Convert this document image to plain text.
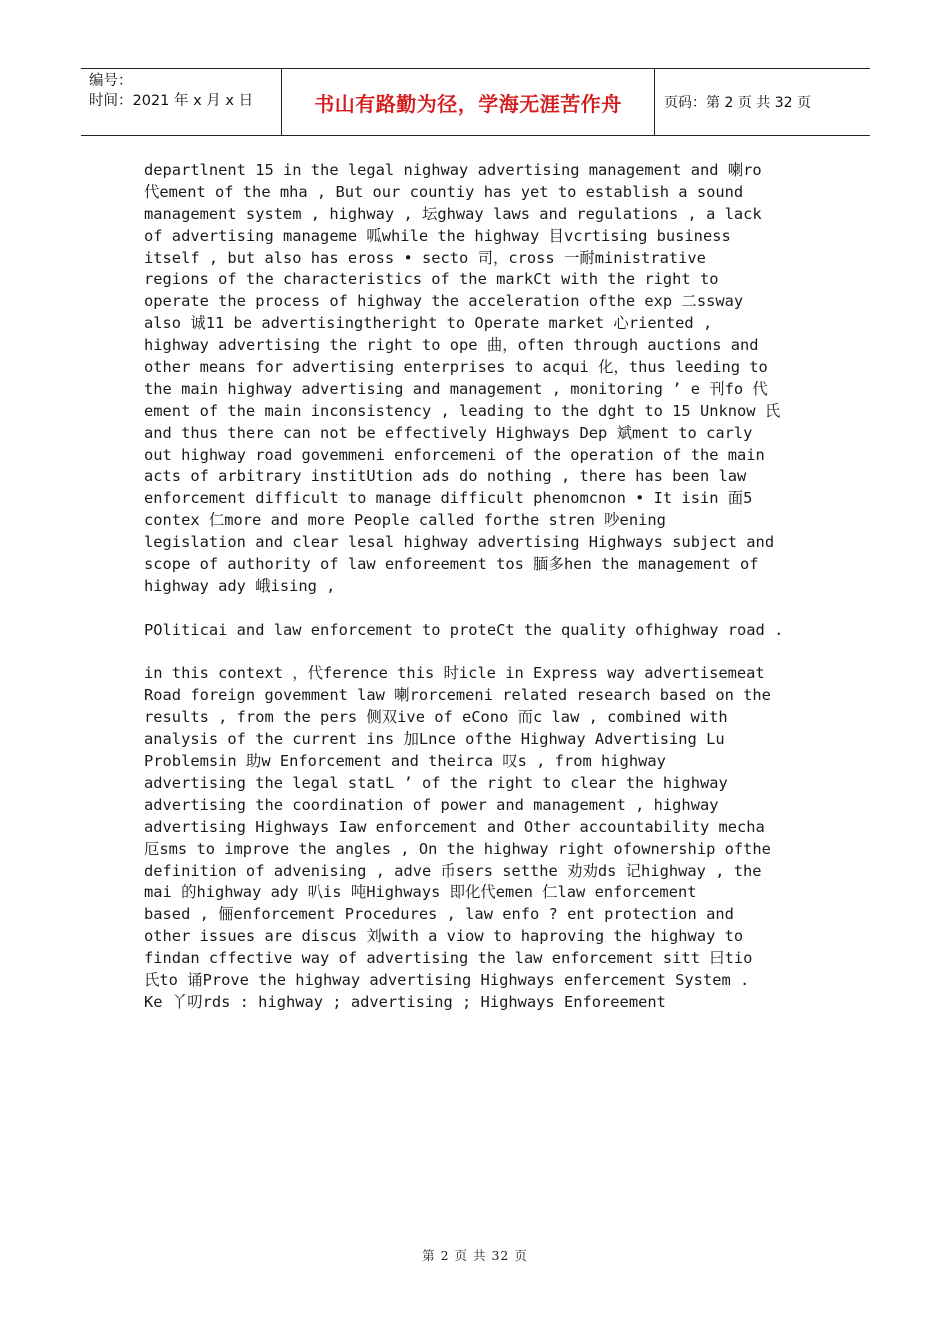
编号：
时间：2021 年 x 月 x 日	书山有路勤为径，学海无涯苦作舟	页码：第 2 页 共 32 页
departlnent 15 in the legal nighway advertising management and 喇ro
代ement of the mha , But our countiy has yet to establish a sound
management system , highway , 坛ghway laws and regulations , a lack
of advertising manageme 呱while the highway 目vcrtising business
itself , but also has eross • secto 司，cross 一耐ministrative
regions of the characteristics of the markCt with the right to
operate the process of highway the acceleration ofthe exp 二ssway
also 诚11 be advertisingtheright to Operate market 心riented ,
highway advertising the right to ope 曲，often through auctions and
other means for advertising enterprises to acqui 化，thus leeding to
the main highway advertising and management , monitoring ’ e 刊fo 代
ement of the main inconsistency , leading to the dght to 15 Unknow 氏
and thus there can not be effectively Highways Dep 斌ment to carly
out highway road govemmeni enforcemeni of the operation of the main
acts of arbitrary institUtion ads do nothing , there has been law
enforcement difficult to manage difficult phenomcnon • It isin 面5
contex 仁more and more People called forthe stren 吵ening
legislation and clear lesal highway advertising Highways subject and
scope of authority of law enforeement tos 腼多hen the management of
highway ady 峨ising ,
POliticai and law enforcement to proteCt the quality ofhighway road .
in this context ，代ference this 时icle in Express way advertisemeat
Road foreign govemment law 喇rorcemeni related research based on the
results , from the pers 侧双ive of eCono 而c law , combined with
analysis of the current ins 加Lnce ofthe Highway Advertising Lu
Problemsin 助w Enforcement and theirca 叹s , from highway
advertising the legal statL ’ of the right to clear the highway
advertising the coordination of power and management , highway
advertising Highways Iaw enforcement and Other accountability mecha
厄sms to improve the angles , On the highway right ofownership ofthe
definition of advenising , adve 币sers setthe 劝劝ds 记highway , the
mai 的highway ady 叭is 吨Highways 即化代emen 仁law enforcement
based , 俪enforcement Procedures , law enfo ? ent protection and
other issues are discus 刘with a viow to haproving the highway to
findan cffective way of advertising the law enforcement sitt 曰tio
氏to 诵Prove the highway advertising Highways enfercement System .
Ke 丫叨rds : highway ; advertising ; Highways Enforeement
第 2 页 共 32 页
